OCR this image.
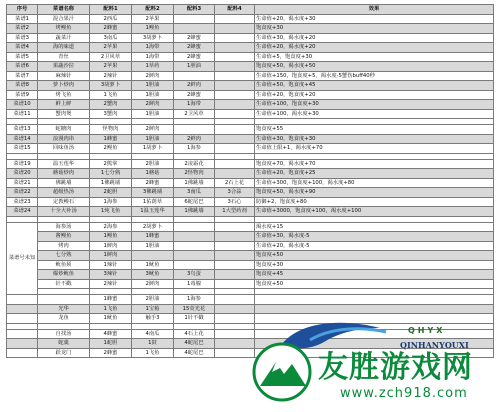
序号	菜谱名称	配料1	配料2	配料3	配料4	效果
菜谱1	混合果汁	2西瓜	2苹果			生命值+20，渴水度+30
菜谱2	烤鳗鱼	2蜂蜜	1鳗鱼			饱食度+30
菜谱3	蔬菜汁	3南瓜	3胡萝卜	2蜂蜜		生命值+30，渴水度+20
菜谱4	海的味道	2苹果	1海带	2蜂蜜		生命值+20，渴水度+20
菜谱5	青丝	2卫风草	1海带	2蜂蜜		生命值+5，饱食度+30
菜谱6	果蔬沙拉	2苹果	1草药	1胆油		饱食度+50，渴水度+50
菜谱7	麻辣针	2辣针	2鲜肉			生命值+150，饱食度+5，渴水度-5蟹伤buff40秒
菜谱8	萝卜炒肉	3胡萝卜	1胆油	2鲜肉		生命值+50，饱食度+45
菜谱9	烤飞鱼	1飞鱼	1胆油	2蜂蜜		生命值+20，饱食度+20
菜谱10	鲜上鲜	2蟹肉	2鲜肉	1海带		生命值+100，饱食度+30
菜谱11	蟹肉煲	3蟹肉	1胆油	2卫风草		生命值+100，渴水度+30

菜谱13	蛇糖肉	怪物肉	2鲜肉			饱食度+55
菜谱14	浪漫肉串	1蜂蜜	1胆油	2鲜肉		生命值+30，饱食度+30
菜谱15	回味鱼汤	2鳗鱼	1胡萝卜	1海参		生命值上限+1，渴水度+70

菜谱19	温玉莲华	2熊掌	2胆油	2凌霜花		饱食度+70，渴水度+70
菜谱20	蘑菇炒肉	1七分熟	1蘑菇	2怪物肉		生命值+20，饱食度+25
菜谱21	佛跳墙	1佛跳墙	2蜂蜜	1佛跳墙	2石上花	生命值+300，饱食度+100，渴水度+80
菜谱22	超级热汤	2蛇胆	3佛跳墙	3南瓜	3合蒜	饱食度+50，渴水度+90
菜谱23	定教鳗石	1海参	1佑荫草	6蛇尾巴	3石心	防御+2，饱食度+80
菜谱24	十全大补汤	1炖飞鱼	1温玉莲华	1佛跳墙	1大型药剂	生命值+3000，饱食度+100，渴水度+100

菜谱号未知	海参汤	2海参	2胡萝卜			渴水度+15
	酱鳗鱼	1鳗鱼	1蜂蜜			生命值+30，渴水度-5
	烤肉	1鲜肉	1胆油			生命值+20，渴水度-5
	七分熟	1鲜肉				饱食度+50
	鱿鱼须	1辣针	1鱿鱼			饱食度+30
	爆炒鱿鱼	3辣针	3鱿鱼	3鸟蛋		饱食度+45
	针不戳	2辣针	2鲜肉	1毒腺		饱食度+50

		1蜂蜜	2胆油	1海参		
	光华	1飞鱼	1宝箱	15荧光花		
	龙鱼	1鱿鱼	触手3	1针不戳		

	自找汤	4蜂蜜	4南瓜	4石上花		
	蛇羹	1蛇胆	1鼓	4蛇尾巴		
	跃龙门	2蜂蜜	1飞鱼	4蛇尾巴		
QHYX
QINHANYOUXI
友胜游戏网
www.zch918.com
